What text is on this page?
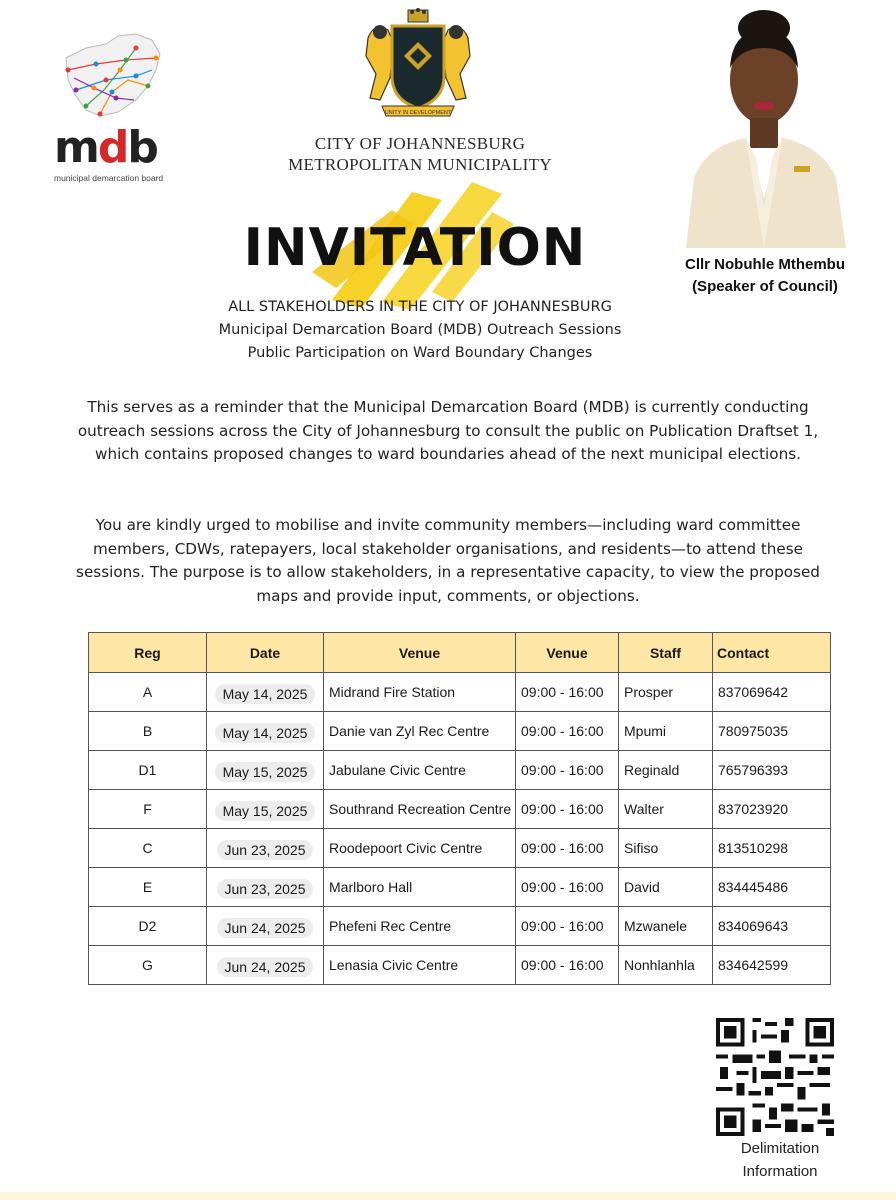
mdb
municipal demarcation board
UNITY IN DEVELOPMENT
CITY OF JOHANNESBURG
METROPOLITAN MUNICIPALITY
INVITATION	Cllr Nobuhle Mthembu
(Speaker of Council)
ALL STAKEHOLDERS IN THE CITY OF JOHANNESBURG
Municipal Demarcation Board (MDB) Outreach Sessions
Public Participation on Ward Boundary Changes
This serves as a reminder that the Municipal Demarcation Board (MDB) is currently conducting outreach sessions across the City of Johannesburg to consult the public on Publication Draftset 1, which contains proposed changes to ward boundaries ahead of the next municipal elections.
You are kindly urged to mobilise and invite community members—including ward committee members, CDWs, ratepayers, local stakeholder organisations, and residents—to attend these sessions. The purpose is to allow stakeholders, in a representative capacity, to view the proposed maps and provide input, comments, or objections.
Reg	Date	Venue	Venue	Staff	Contact
A	May 14, 2025	Midrand Fire Station	09:00 - 16:00	Prosper	837069642
B	May 14, 2025	Danie van Zyl Rec Centre	09:00 - 16:00	Mpumi	780975035
D1	May 15, 2025	Jabulane Civic Centre	09:00 - 16:00	Reginald	765796393
F	May 15, 2025	Southrand Recreation Centre	09:00 - 16:00	Walter	837023920
C	Jun 23, 2025	Roodepoort Civic Centre	09:00 - 16:00	Sifiso	813510298
E	Jun 23, 2025	Marlboro Hall	09:00 - 16:00	David	834445486
D2	Jun 24, 2025	Phefeni Rec Centre	09:00 - 16:00	Mzwanele	834069643
G	Jun 24, 2025	Lenasia Civic Centre	09:00 - 16:00	Nonhlanhla	834642599
Delimitation
Information
